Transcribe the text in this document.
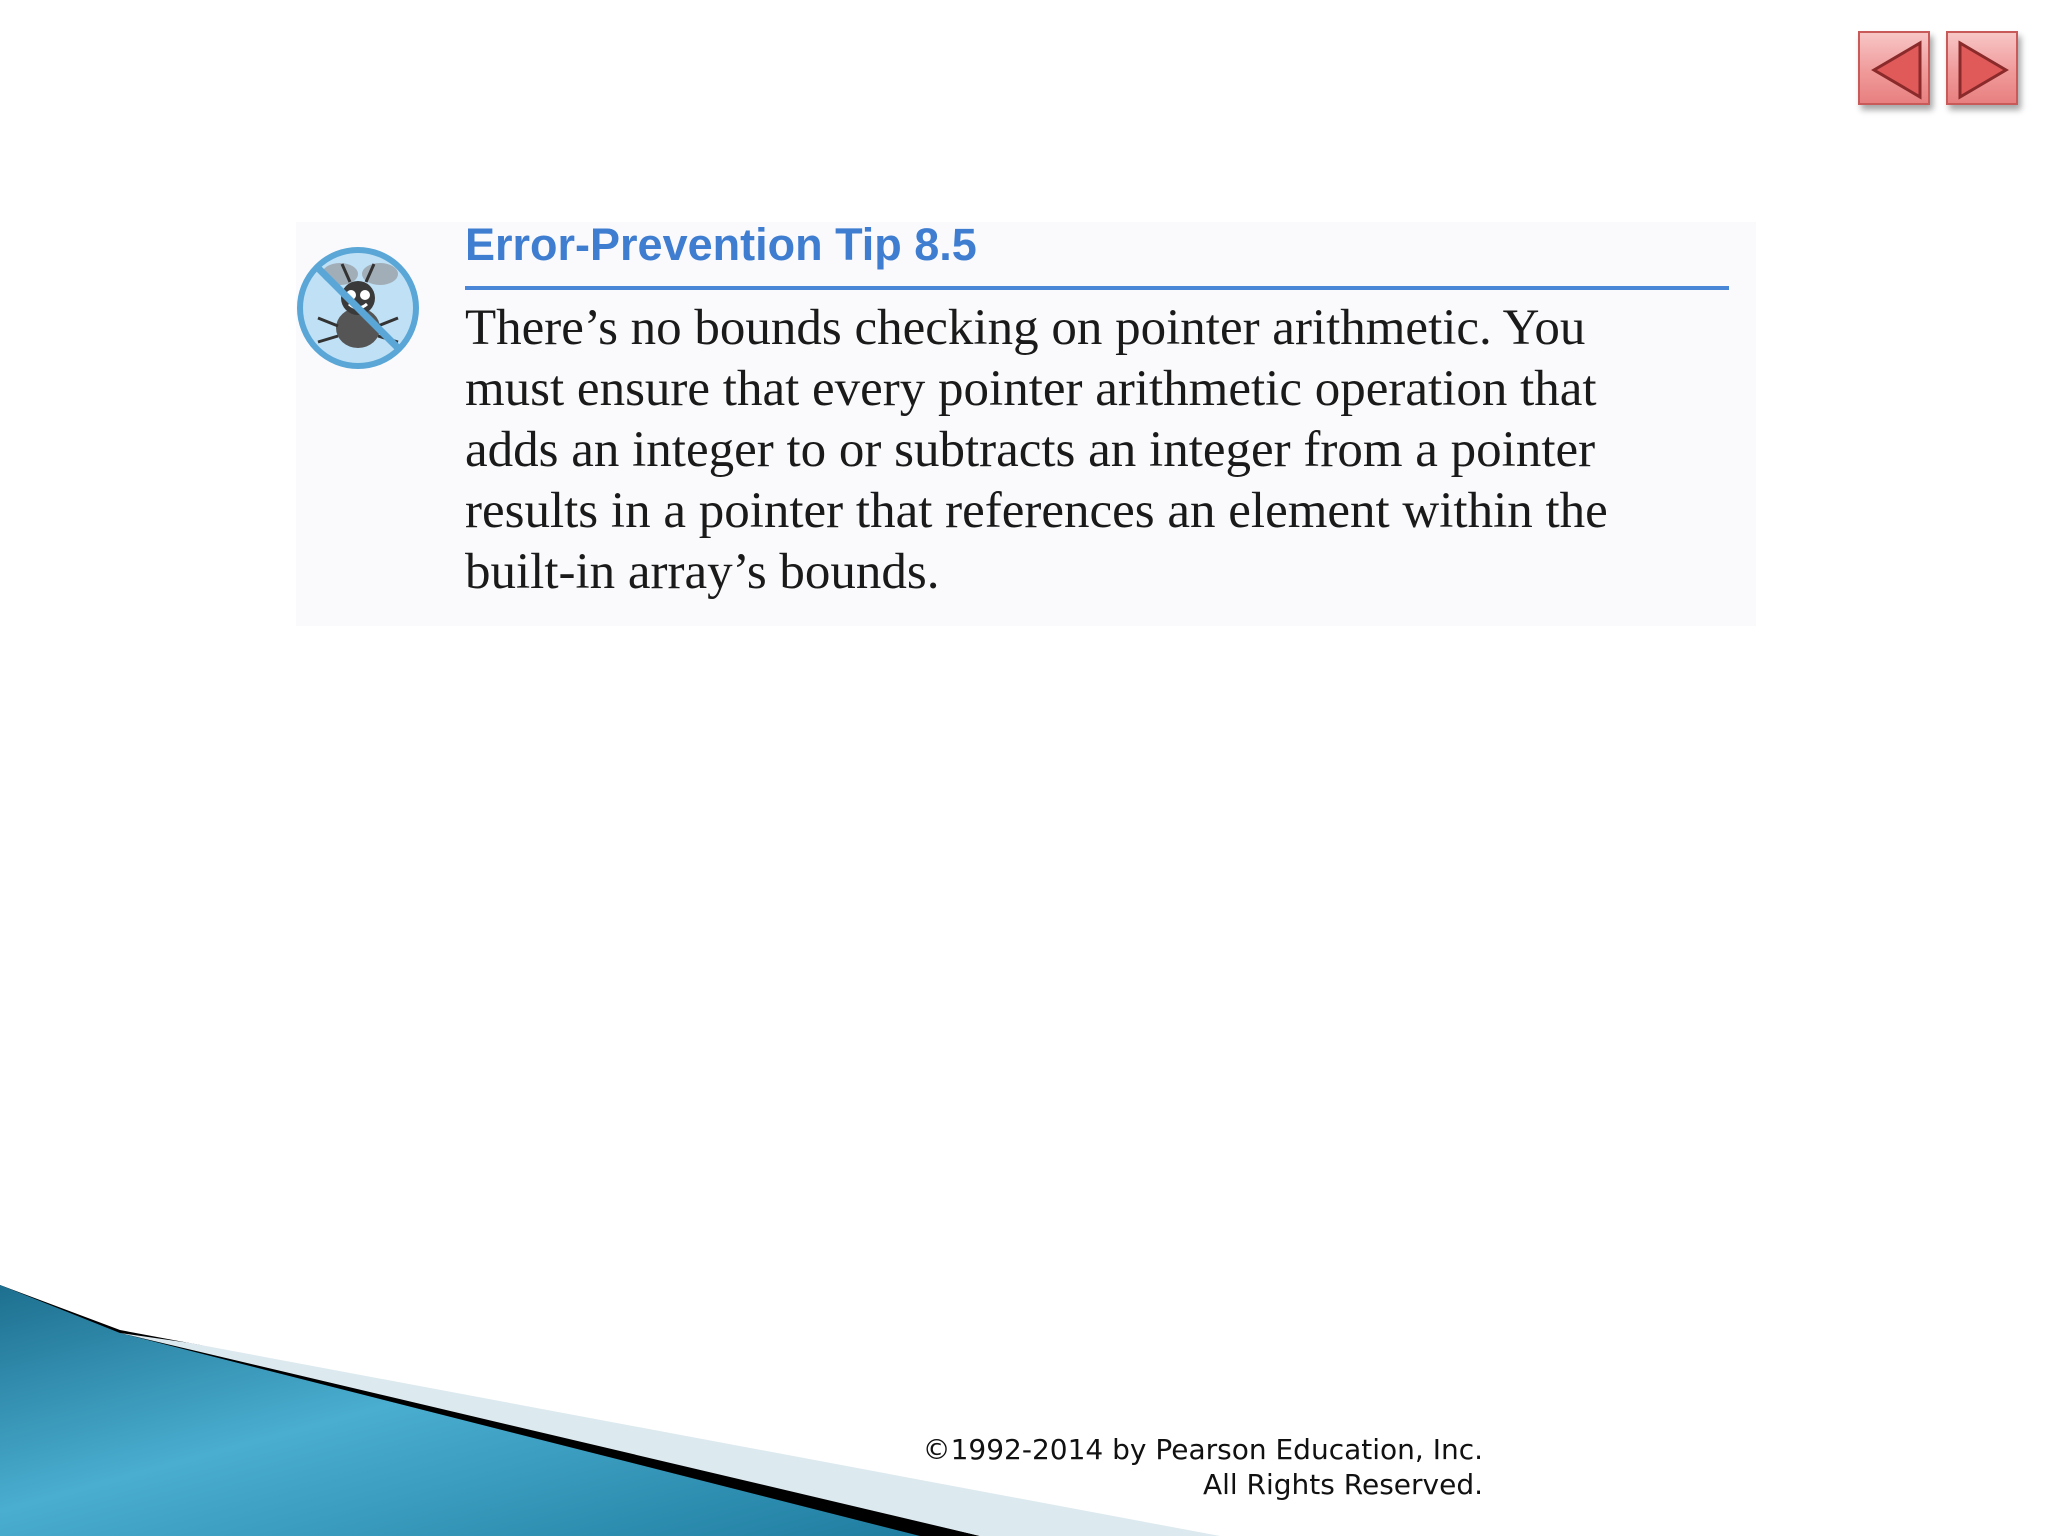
Error-Prevention Tip 8.5
There’s no bounds checking on pointer arithmetic. You
must ensure that every pointer arithmetic operation that
adds an integer to or subtracts an integer from a pointer
results in a pointer that references an element within the
built-in array’s bounds.
©1992-2014 by Pearson Education, Inc.
All Rights Reserved.
